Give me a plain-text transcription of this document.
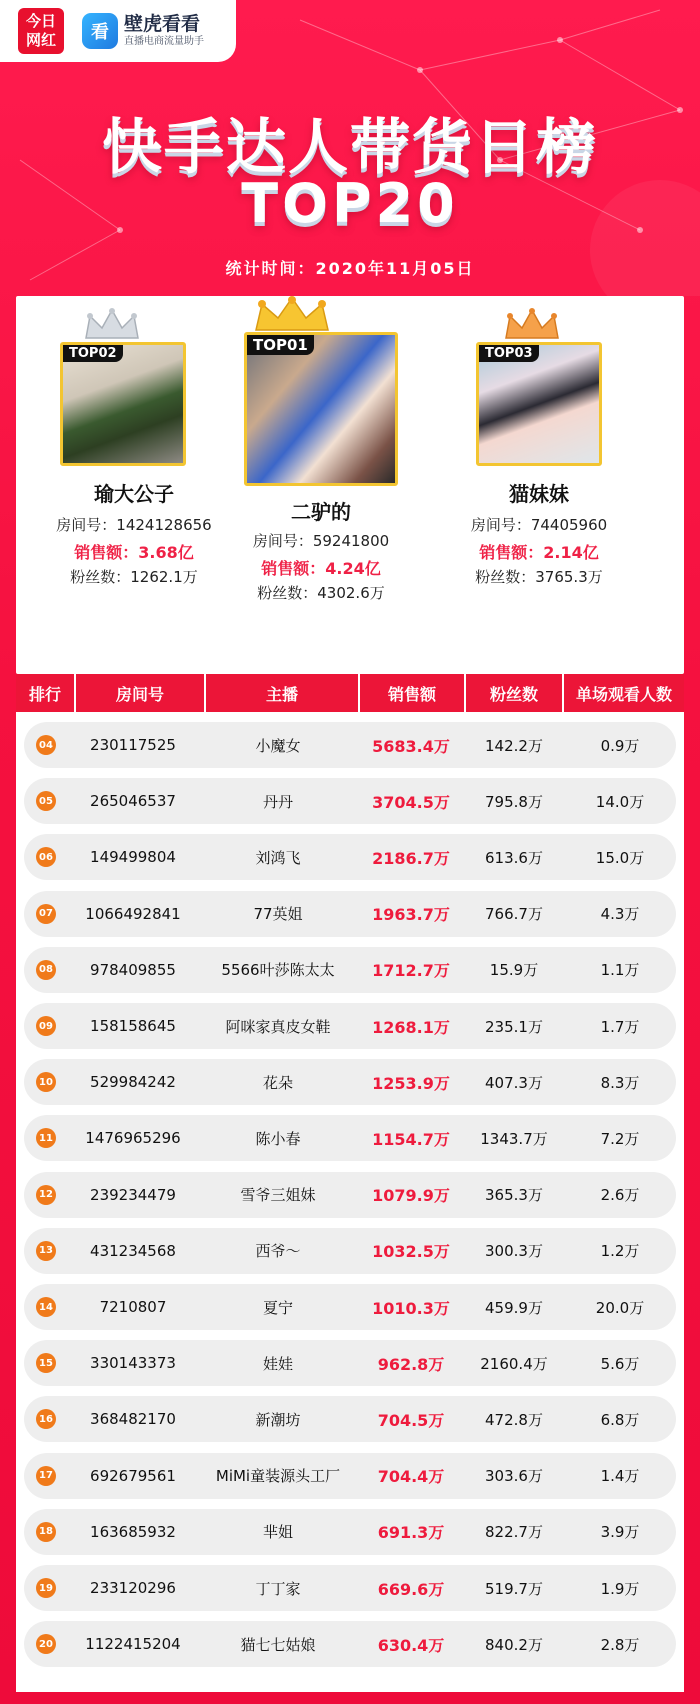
今日
网红	看 壁虎看看
直播电商流量助手
快手达人带货日榜
TOP20
统计时间：2020年11月05日
TOP02
瑜大公子
房间号：1424128656
销售额：3.68亿
粉丝数：1262.1万
TOP01
二驴的
房间号：59241800
销售额：4.24亿
粉丝数：4302.6万
TOP03
猫妹妹
房间号：74405960
销售额：2.14亿
粉丝数：3765.3万
排行	房间号	主播	销售额	粉丝数	单场观看人数
04	230117525	小魔女	5683.4万	142.2万	0.9万
05	265046537	丹丹	3704.5万	795.8万	14.0万
06	149499804	刘鸿飞	2186.7万	613.6万	15.0万
07	1066492841	77英姐	1963.7万	766.7万	4.3万
08	978409855	5566叶莎陈太太	1712.7万	15.9万	1.1万
09	158158645	阿咪家真皮女鞋	1268.1万	235.1万	1.7万
10	529984242	花朵	1253.9万	407.3万	8.3万
11	1476965296	陈小春	1154.7万	1343.7万	7.2万
12	239234479	雪爷三姐妹	1079.9万	365.3万	2.6万
13	431234568	西爷～	1032.5万	300.3万	1.2万
14	7210807	夏宁	1010.3万	459.9万	20.0万
15	330143373	娃娃	962.8万	2160.4万	5.6万
16	368482170	新潮坊	704.5万	472.8万	6.8万
17	692679561	MiMi童装源头工厂	704.4万	303.6万	1.4万
18	163685932	芈姐	691.3万	822.7万	3.9万
19	233120296	丁丁家	669.6万	519.7万	1.9万
20	1122415204	猫七七姑娘	630.4万	840.2万	2.8万
